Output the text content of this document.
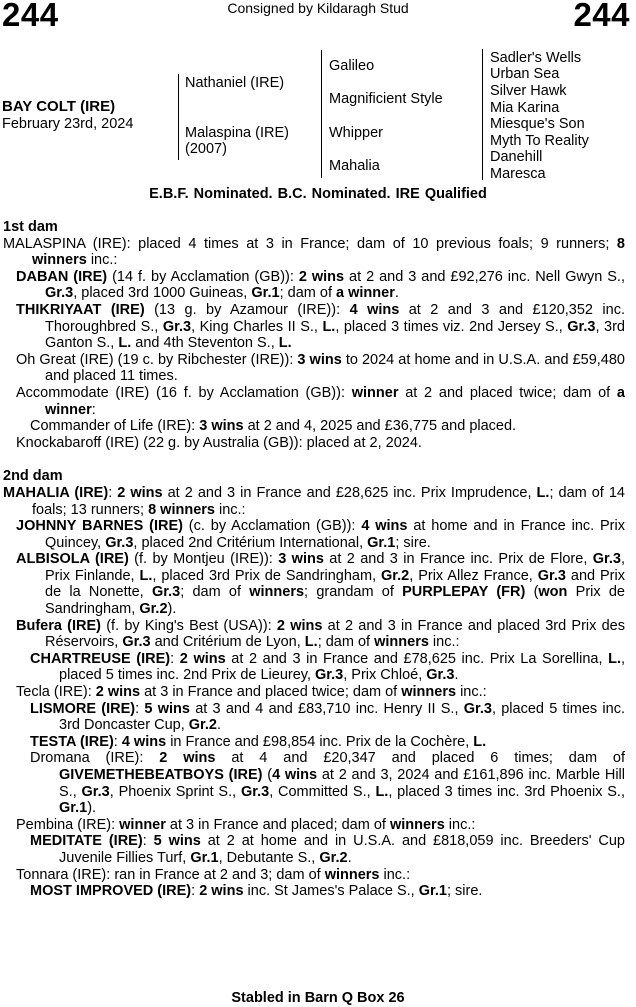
244	Consigned by Kildaragh Stud	244
BAY COLT (IRE)
February 23rd, 2024
Nathaniel (IRE)
Malaspina (IRE)
(2007)
Galileo
Magnificient Style
Whipper
Mahalia
Sadler's Wells
Urban Sea
Silver Hawk
Mia Karina
Miesque's Son
Myth To Reality
Danehill
Maresca
E.B.F. Nominated. B.C. Nominated. IRE Qualified
1st dam
MALASPINA (IRE): placed 4 times at 3 in France; dam of 10 previous foals; 9 runners; 8 winners inc.:
DABAN (IRE) (14 f. by Acclamation (GB)): 2 wins at 2 and 3 and £92,276 inc. Nell Gwyn S., Gr.3, placed 3rd 1000 Guineas, Gr.1; dam of a winner.
THIKRIYAAT (IRE) (13 g. by Azamour (IRE)): 4 wins at 2 and 3 and £120,352 inc. Thoroughbred S., Gr.3, King Charles II S., L., placed 3 times viz. 2nd Jersey S., Gr.3, 3rd Ganton S., L. and 4th Steventon S., L.
Oh Great (IRE) (19 c. by Ribchester (IRE)): 3 wins to 2024 at home and in U.S.A. and £59,480 and placed 11 times.
Accommodate (IRE) (16 f. by Acclamation (GB)): winner at 2 and placed twice; dam of a winner:
Commander of Life (IRE): 3 wins at 2 and 4, 2025 and £36,775 and placed.
Knockabaroff (IRE) (22 g. by Australia (GB)): placed at 2, 2024.
2nd dam
MAHALIA (IRE): 2 wins at 2 and 3 in France and £28,625 inc. Prix Imprudence, L.; dam of 14 foals; 13 runners; 8 winners inc.:
JOHNNY BARNES (IRE) (c. by Acclamation (GB)): 4 wins at home and in France inc. Prix Quincey, Gr.3, placed 2nd Critérium International, Gr.1; sire.
ALBISOLA (IRE) (f. by Montjeu (IRE)): 3 wins at 2 and 3 in France inc. Prix de Flore, Gr.3, Prix Finlande, L., placed 3rd Prix de Sandringham, Gr.2, Prix Allez France, Gr.3 and Prix de la Nonette, Gr.3; dam of winners; grandam of PURPLEPAY (FR) (won Prix de Sandringham, Gr.2).
Bufera (IRE) (f. by King's Best (USA)): 2 wins at 2 and 3 in France and placed 3rd Prix des Réservoirs, Gr.3 and Critérium de Lyon, L.; dam of winners inc.:
CHARTREUSE (IRE): 2 wins at 2 and 3 in France and £78,625 inc. Prix La Sorellina, L., placed 5 times inc. 2nd Prix de Lieurey, Gr.3, Prix Chloé, Gr.3.
Tecla (IRE): 2 wins at 3 in France and placed twice; dam of winners inc.:
LISMORE (IRE): 5 wins at 3 and 4 and £83,710 inc. Henry II S., Gr.3, placed 5 times inc. 3rd Doncaster Cup, Gr.2.
TESTA (IRE): 4 wins in France and £98,854 inc. Prix de la Cochère, L.
Dromana (IRE): 2 wins at 4 and £20,347 and placed 6 times; dam of GIVEMETHEBEATBOYS (IRE) (4 wins at 2 and 3, 2024 and £161,896 inc. Marble Hill S., Gr.3, Phoenix Sprint S., Gr.3, Committed S., L., placed 3 times inc. 3rd Phoenix S., Gr.1).
Pembina (IRE): winner at 3 in France and placed; dam of winners inc.:
MEDITATE (IRE): 5 wins at 2 at home and in U.S.A. and £818,059 inc. Breeders' Cup Juvenile Fillies Turf, Gr.1, Debutante S., Gr.2.
Tonnara (IRE): ran in France at 2 and 3; dam of winners inc.:
MOST IMPROVED (IRE): 2 wins inc. St James's Palace S., Gr.1; sire.
Stabled in Barn Q Box 26
